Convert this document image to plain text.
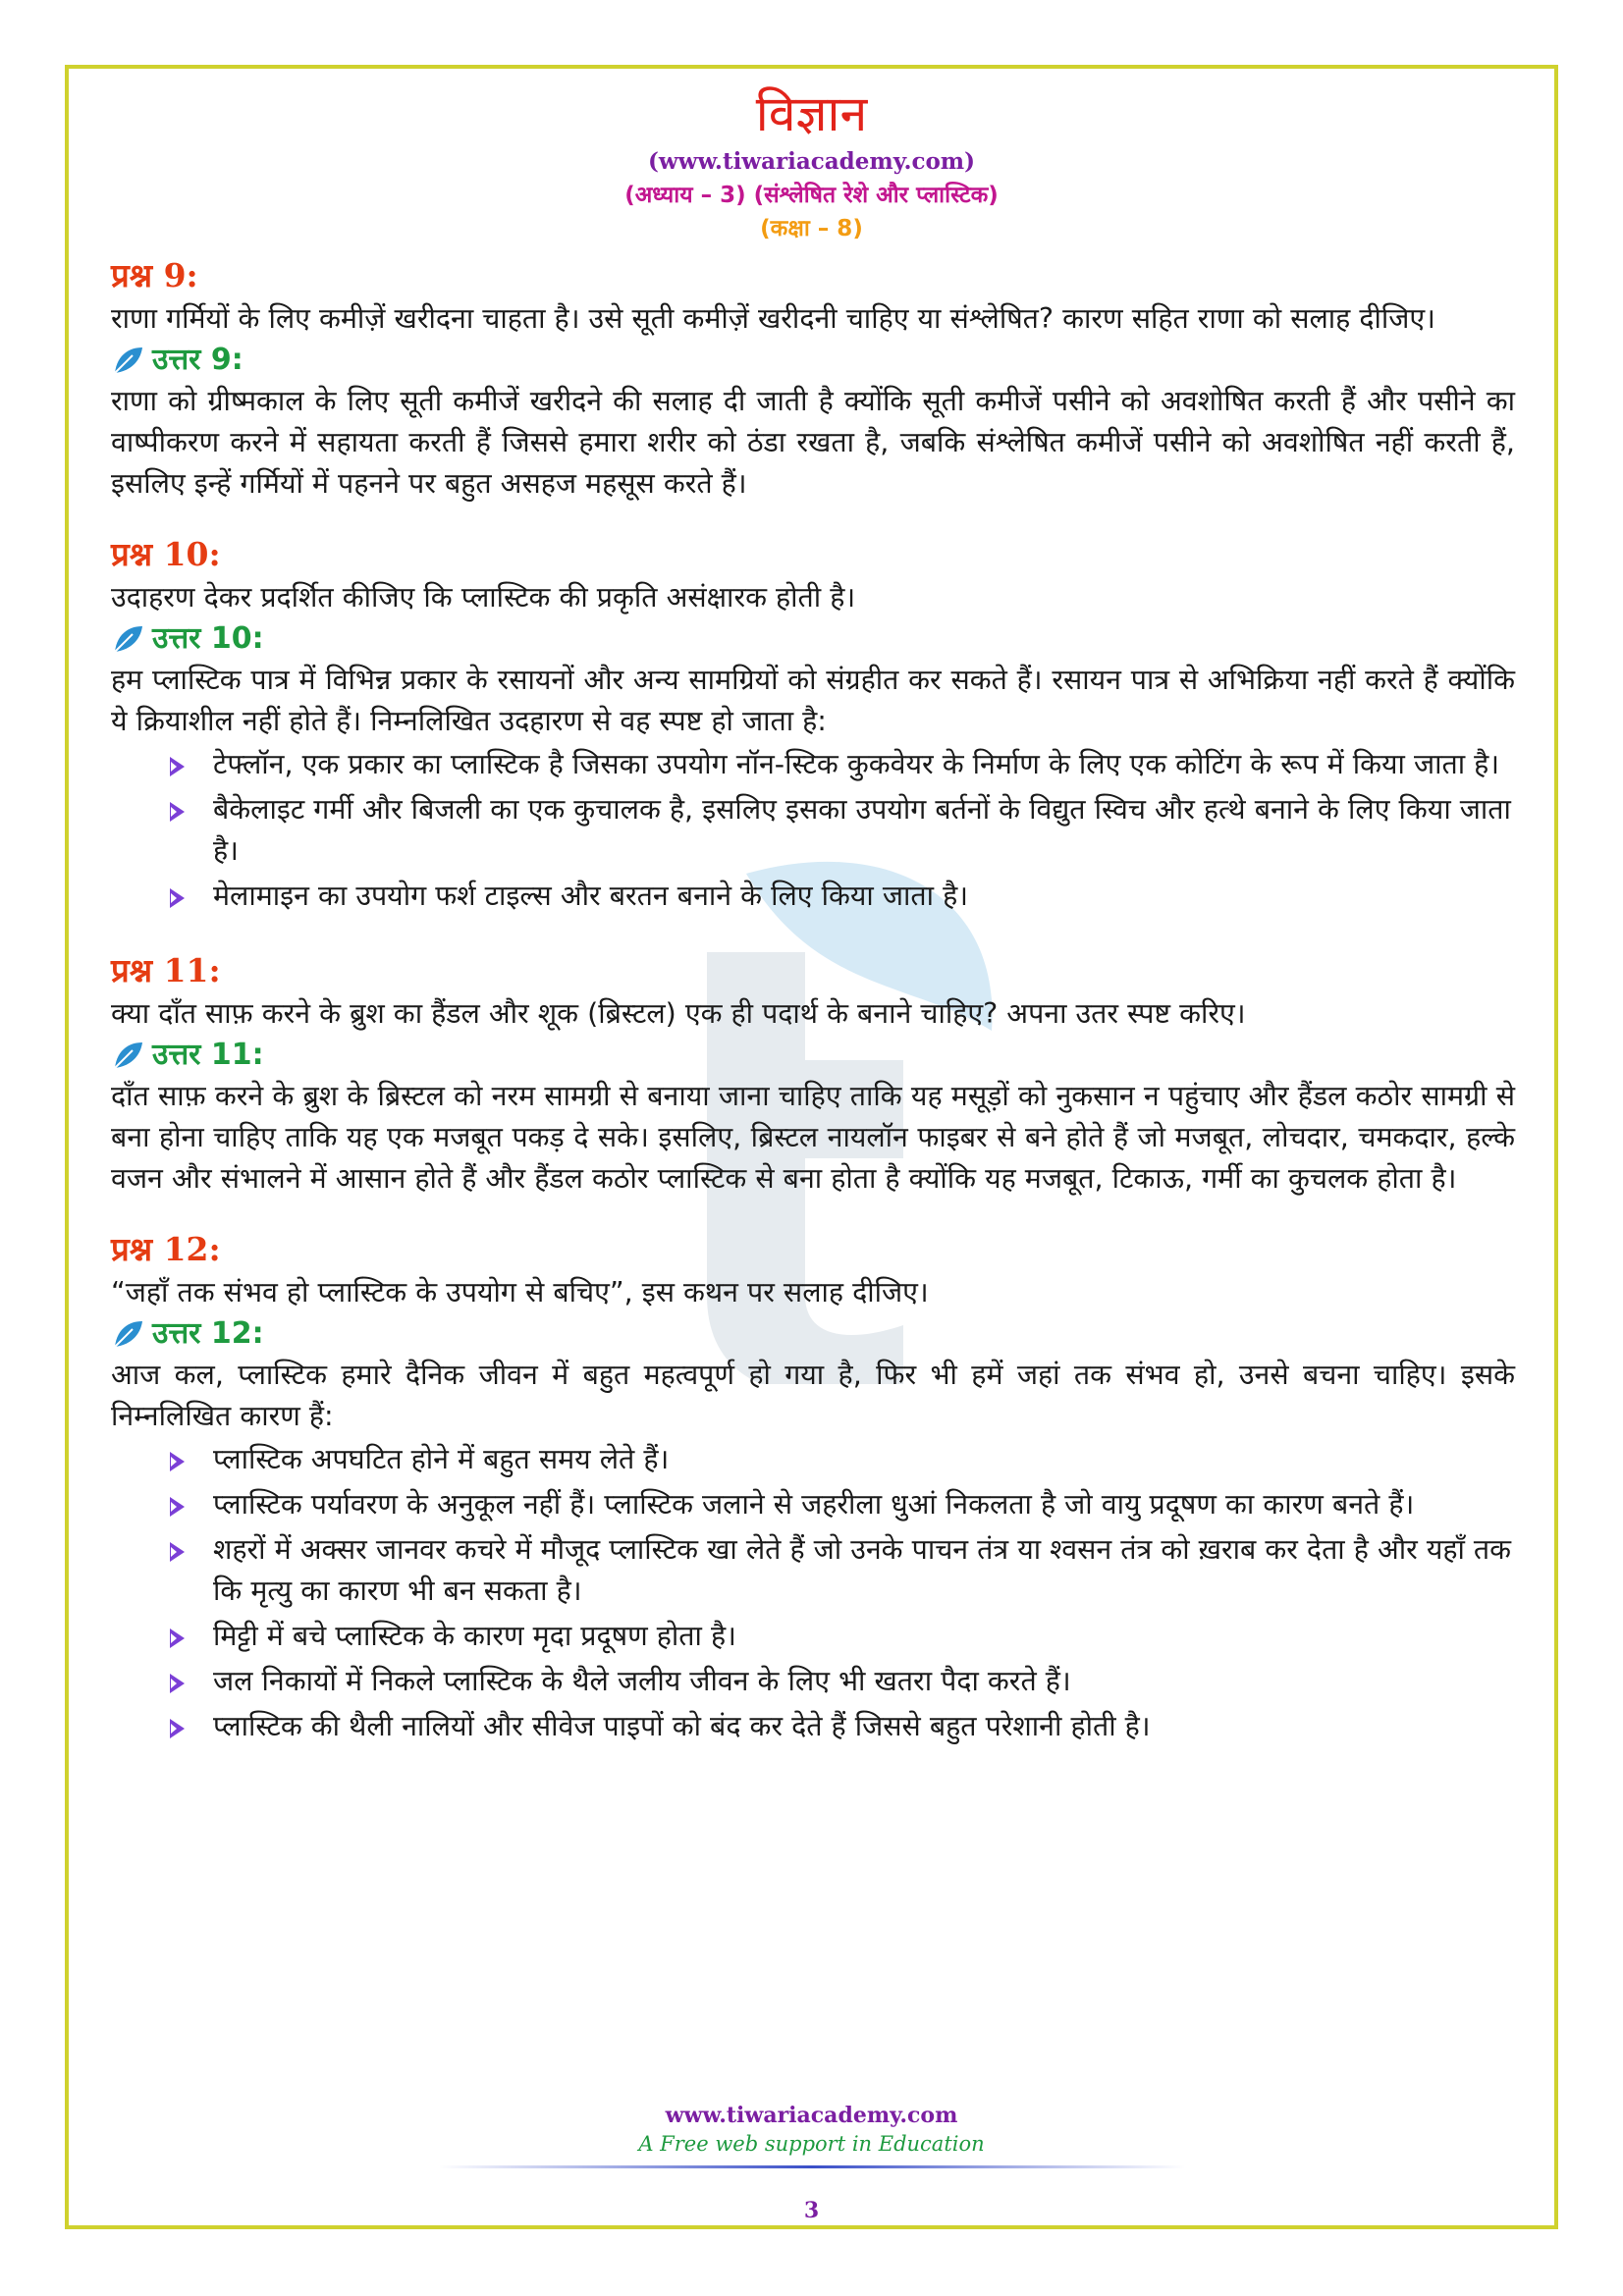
विज्ञान
(www.tiwariacademy.com)
(अध्याय – 3) (संश्लेषित रेशे और प्लास्टिक)
(कक्षा – 8)

प्रश्न 9:

राणा गर्मियों के लिए कमीज़ें खरीदना चाहता है। उसे सूती कमीज़ें खरीदनी चाहिए या संश्लेषित? कारण सहित राणा को सलाह दीजिए।

उत्तर 9:

राणा को ग्रीष्मकाल के लिए सूती कमीजें खरीदने की सलाह दी जाती है क्योंकि सूती कमीजें पसीने को अवशोषित करती हैं और पसीने का वाष्पीकरण करने में सहायता करती हैं जिससे हमारा शरीर को ठंडा रखता है, जबकि संश्लेषित कमीजें पसीने को अवशोषित नहीं करती हैं, इसलिए इन्हें गर्मियों में पहनने पर बहुत असहज महसूस करते हैं।

प्रश्न 10:

उदाहरण देकर प्रदर्शित कीजिए कि प्लास्टिक की प्रकृति असंक्षारक होती है।

उत्तर 10:

हम प्लास्टिक पात्र में विभिन्न प्रकार के रसायनों और अन्य सामग्रियों को संग्रहीत कर सकते हैं। रसायन पात्र से अभिक्रिया नहीं करते हैं क्योंकि ये क्रियाशील नहीं होते हैं। निम्नलिखित उदहारण से वह स्पष्ट हो जाता है:

टेफ्लॉन, एक प्रकार का प्लास्टिक है जिसका उपयोग नॉन-स्टिक कुकवेयर के निर्माण के लिए एक कोटिंग के रूप में किया जाता है।
बैकेलाइट गर्मी और बिजली का एक कुचालक है, इसलिए इसका उपयोग बर्तनों के विद्युत स्विच और हत्थे बनाने के लिए किया जाता है।
मेलामाइन का उपयोग फर्श टाइल्स और बरतन बनाने के लिए किया जाता है।

प्रश्न 11:

क्या दाँत साफ़ करने के ब्रुश का हैंडल और शूक (ब्रिस्टल) एक ही पदार्थ के बनाने चाहिए? अपना उतर स्पष्ट करिए।

उत्तर 11:

दाँत साफ़ करने के ब्रुश के ब्रिस्टल को नरम सामग्री से बनाया जाना चाहिए ताकि यह मसूड़ों को नुकसान न पहुंचाए और हैंडल कठोर सामग्री से बना होना चाहिए ताकि यह एक मजबूत पकड़ दे सके। इसलिए, ब्रिस्टल नायलॉन फाइबर से बने होते हैं जो मजबूत, लोचदार, चमकदार, हल्के वजन और संभालने में आसान होते हैं और हैंडल कठोर प्लास्टिक से बना होता है क्योंकि यह मजबूत, टिकाऊ, गर्मी का कुचलक होता है।

प्रश्न 12:

“जहाँ तक संभव हो प्लास्टिक के उपयोग से बचिए”, इस कथन पर सलाह दीजिए।

उत्तर 12:

आज कल, प्लास्टिक हमारे दैनिक जीवन में बहुत महत्वपूर्ण हो गया है, फिर भी हमें जहां तक संभव हो, उनसे बचना चाहिए। इसके निम्नलिखित कारण हैं:

प्लास्टिक अपघटित होने में बहुत समय लेते हैं।
प्लास्टिक पर्यावरण के अनुकूल नहीं हैं। प्लास्टिक जलाने से जहरीला धुआं निकलता है जो वायु प्रदूषण का कारण बनते हैं।
शहरों में अक्सर जानवर कचरे में मौजूद प्लास्टिक खा लेते हैं जो उनके पाचन तंत्र या श्वसन तंत्र को ख़राब कर देता है और यहाँ तक कि मृत्यु का कारण भी बन सकता है।
मिट्टी में बचे प्लास्टिक के कारण मृदा प्रदूषण होता है।
जल निकायों में निकले प्लास्टिक के थैले जलीय जीवन के लिए भी खतरा पैदा करते हैं।
प्लास्टिक की थैली नालियों और सीवेज पाइपों को बंद कर देते हैं जिससे बहुत परेशानी होती है।
www.tiwariacademy.com
A Free web support in Education
3
